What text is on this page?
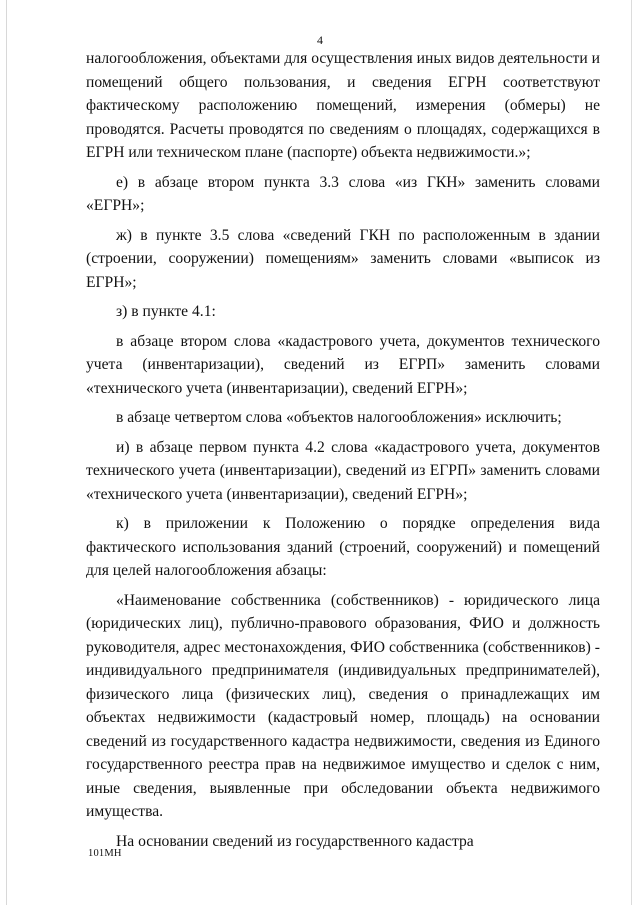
4

налогообложения, объектами для осуществления иных видов деятельности и помещений общего пользования, и сведения ЕГРН соответствуют фактическому расположению помещений, измерения (обмеры) не проводятся. Расчеты проводятся по сведениям о площадях, содержащихся в ЕГРН или техническом плане (паспорте) объекта недвижимости.»;

е) в абзаце втором пункта 3.3 слова «из ГКН» заменить словами «ЕГРН»;

ж) в пункте 3.5 слова «сведений ГКН по расположенным в здании (строении, сооружении) помещениям» заменить словами «выписок из ЕГРН»;

з) в пункте 4.1:

в абзаце втором слова «кадастрового учета, документов технического учета (инвентаризации), сведений из ЕГРП» заменить словами «технического учета (инвентаризации), сведений ЕГРН»;

в абзаце четвертом слова «объектов налогообложения» исключить;

и) в абзаце первом пункта 4.2 слова «кадастрового учета, документов технического учета (инвентаризации), сведений из ЕГРП» заменить словами «технического учета (инвентаризации), сведений ЕГРН»;

к) в приложении к Положению о порядке определения вида фактического использования зданий (строений, сооружений) и помещений для целей налогообложения абзацы:

«Наименование собственника (собственников) - юридического лица (юридических лиц), публично-правового образования, ФИО и должность руководителя, адрес местонахождения, ФИО собственника (собственников) - индивидуального предпринимателя (индивидуальных предпринимателей), физического лица (физических лиц), сведения о принадлежащих им объектах недвижимости (кадастровый номер, площадь) на основании сведений из государственного кадастра недвижимости, сведения из Единого государственного реестра прав на недвижимое имущество и сделок с ним, иные сведения, выявленные при обследовании объекта недвижимого имущества.

На основании сведений из государственного кадастра

101МН
